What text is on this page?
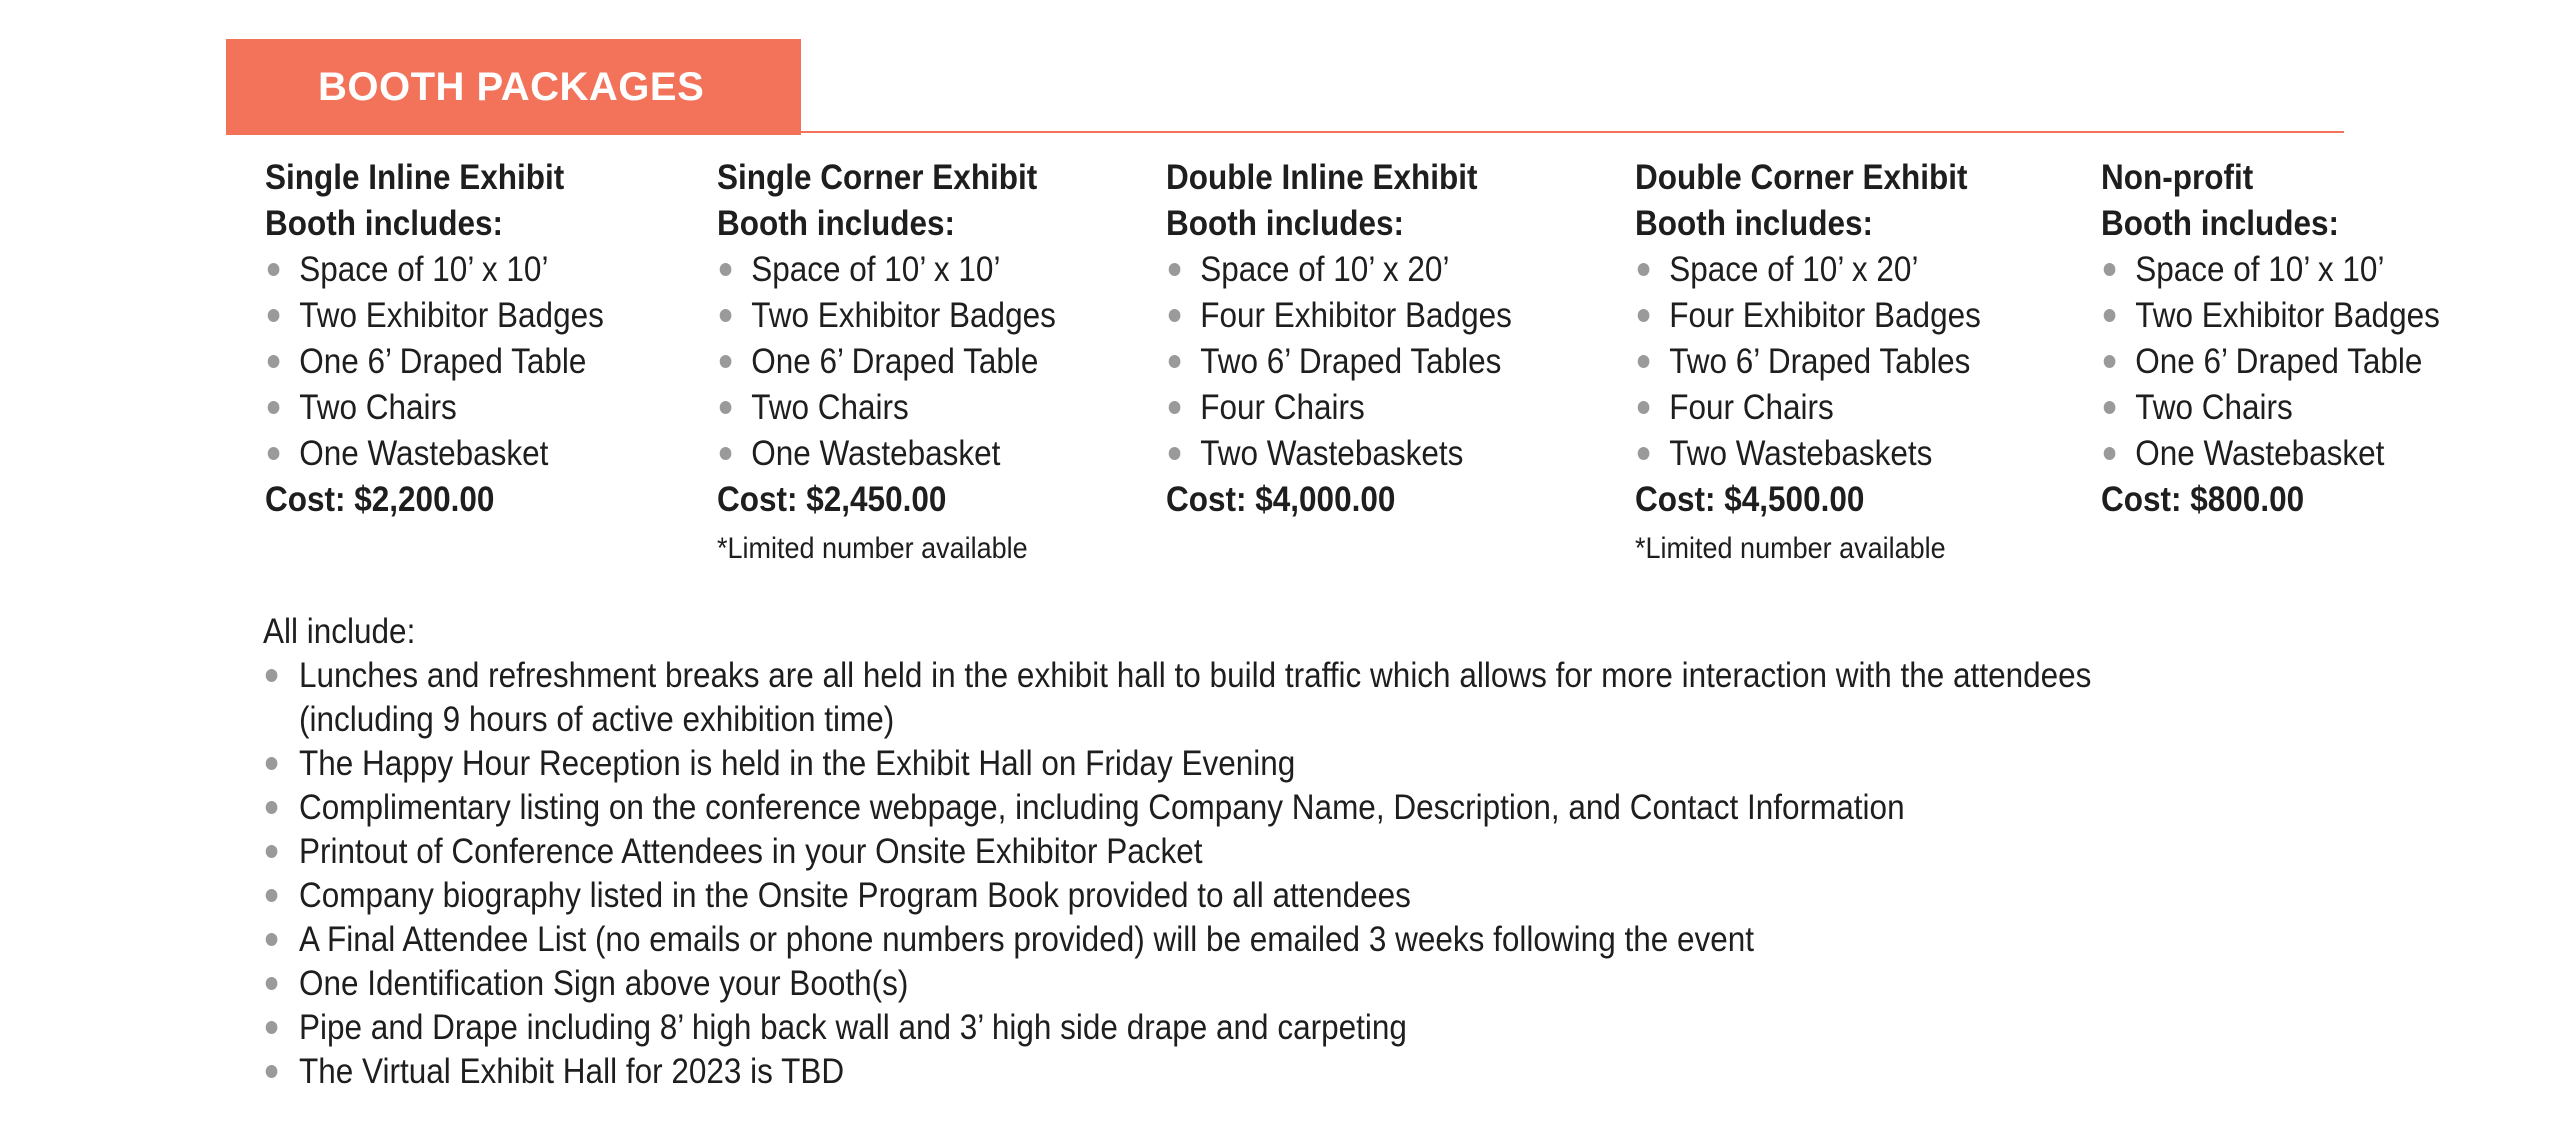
BOOTH PACKAGES
Single Inline Exhibit
Booth includes:
Space of 10’ x 10’
Two Exhibitor Badges
One 6’ Draped Table
Two Chairs
One Wastebasket
Cost: $2,200.00
Single Corner Exhibit
Booth includes:
Space of 10’ x 10’
Two Exhibitor Badges
One 6’ Draped Table
Two Chairs
One Wastebasket
Cost: $2,450.00
*Limited number available
Double Inline Exhibit
Booth includes:
Space of 10’ x 20’
Four Exhibitor Badges
Two 6’ Draped Tables
Four Chairs
Two Wastebaskets
Cost: $4,000.00
Double Corner Exhibit
Booth includes:
Space of 10’ x 20’
Four Exhibitor Badges
Two 6’ Draped Tables
Four Chairs
Two Wastebaskets
Cost: $4,500.00
*Limited number available
Non-profit
Booth includes:
Space of 10’ x 10’
Two Exhibitor Badges
One 6’ Draped Table
Two Chairs
One Wastebasket
Cost: $800.00
All include:
Lunches and refreshment breaks are all held in the exhibit hall to build traffic which allows for more interaction with the attendees
(including 9 hours of active exhibition time)
The Happy Hour Reception is held in the Exhibit Hall on Friday Evening
Complimentary listing on the conference webpage, including Company Name, Description, and Contact Information
Printout of Conference Attendees in your Onsite Exhibitor Packet
Company biography listed in the Onsite Program Book provided to all attendees
A Final Attendee List (no emails or phone numbers provided) will be emailed 3 weeks following the event
One Identification Sign above your Booth(s)
Pipe and Drape including 8’ high back wall and 3’ high side drape and carpeting
The Virtual Exhibit Hall for 2023 is TBD
